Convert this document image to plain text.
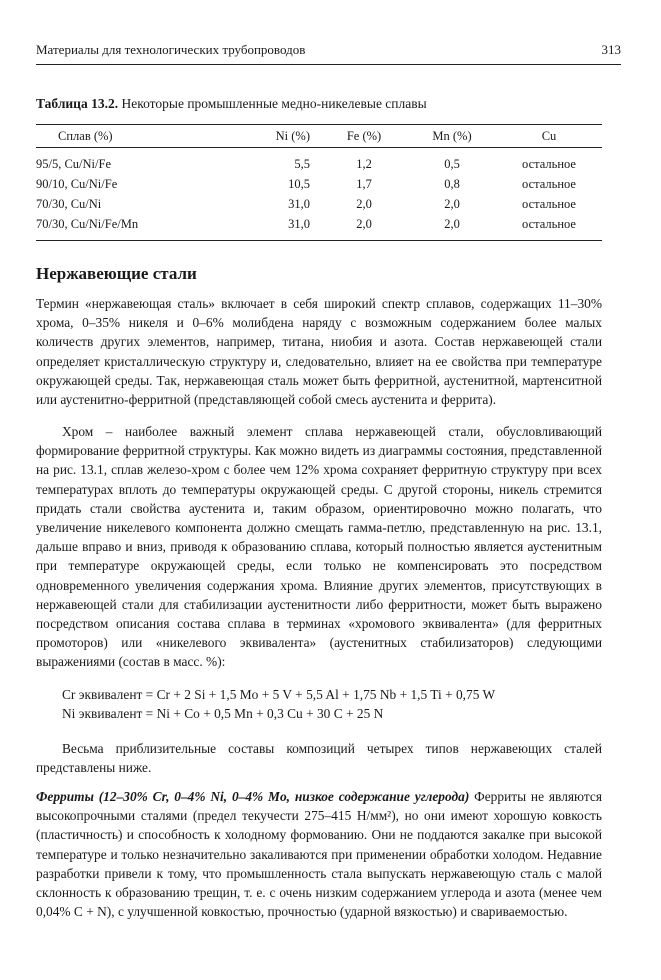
Материалы для технологических трубопроводов	313
Таблица 13.2. Некоторые промышленные медно-никелевые сплавы
Сплав (%)	Ni (%)	Fe (%)	Mn (%)	Cu
95/5, Cu/Ni/Fe	5,5	1,2	0,5	остальное
90/10, Cu/Ni/Fe	10,5	1,7	0,8	остальное
70/30, Cu/Ni	31,0	2,0	2,0	остальное
70/30, Cu/Ni/Fe/Mn	31,0	2,0	2,0	остальное
Нержавеющие стали

Термин «нержавеющая сталь» включает в себя широкий спектр сплавов, содержащих 11–30% хрома, 0–35% никеля и 0–6% молибдена наряду с возможным содержанием более малых количеств других элементов, например, титана, ниобия и азота. Состав нержавеющей стали определяет кристаллическую структуру и, следовательно, влияет на ее свойства при температуре окружающей среды. Так, нержавеющая сталь может быть ферритной, аустенитной, мартенситной или аустенитно-ферритной (представляющей собой смесь аустенита и феррита).

Хром – наиболее важный элемент сплава нержавеющей стали, обусловливающий формирование ферритной структуры. Как можно видеть из диаграммы состояния, представленной на рис. 13.1, сплав железо-хром с более чем 12% хрома сохраняет ферритную структуру при всех температурах вплоть до температуры окружающей среды. С другой стороны, никель стремится придать стали свойства аустенита и, таким образом, ориентировочно можно полагать, что увеличение никелевого компонента должно смещать гамма-петлю, представленную на рис. 13.1, дальше вправо и вниз, приводя к образованию сплава, который полностью является аустенитным при температуре окружающей среды, если только не компенсировать это посредством одновременного увеличения содержания хрома. Влияние других элементов, присутствующих в нержавеющей стали для стабилизации аустенитности либо ферритности, может быть выражено посредством описания состава сплава в терминах «хромового эквивалента» (для ферритных промоторов) или «никелевого эквивалента» (аустенитных стабилизаторов) следующими выражениями (состав в масс. %):

Cr эквивалент = Cr + 2 Si + 1,5 Mo + 5 V + 5,5 Al + 1,75 Nb + 1,5 Ti + 0,75 W
Ni эквивалент = Ni + Co + 0,5 Mn + 0,3 Cu + 30 C + 25 N

Весьма приблизительные составы композиций четырех типов нержавеющих сталей представлены ниже.

Ферриты (12–30% Cr, 0–4% Ni, 0–4% Mo, низкое содержание углерода) Ферриты не являются высокопрочными сталями (предел текучести 275–415 Н/мм²), но они имеют хорошую ковкость (пластичность) и способность к холодному формованию. Они не поддаются закалке при высокой температуре и только незначительно закаливаются при применении обработки холодом. Недавние разработки привели к тому, что промышленность стала выпускать нержавеющую сталь с малой склонность к образованию трещин, т. е. с очень низким содержанием углерода и азота (менее чем 0,04% С + N), с улучшенной ковкостью, прочностью (ударной вязкостью) и свариваемостью.
